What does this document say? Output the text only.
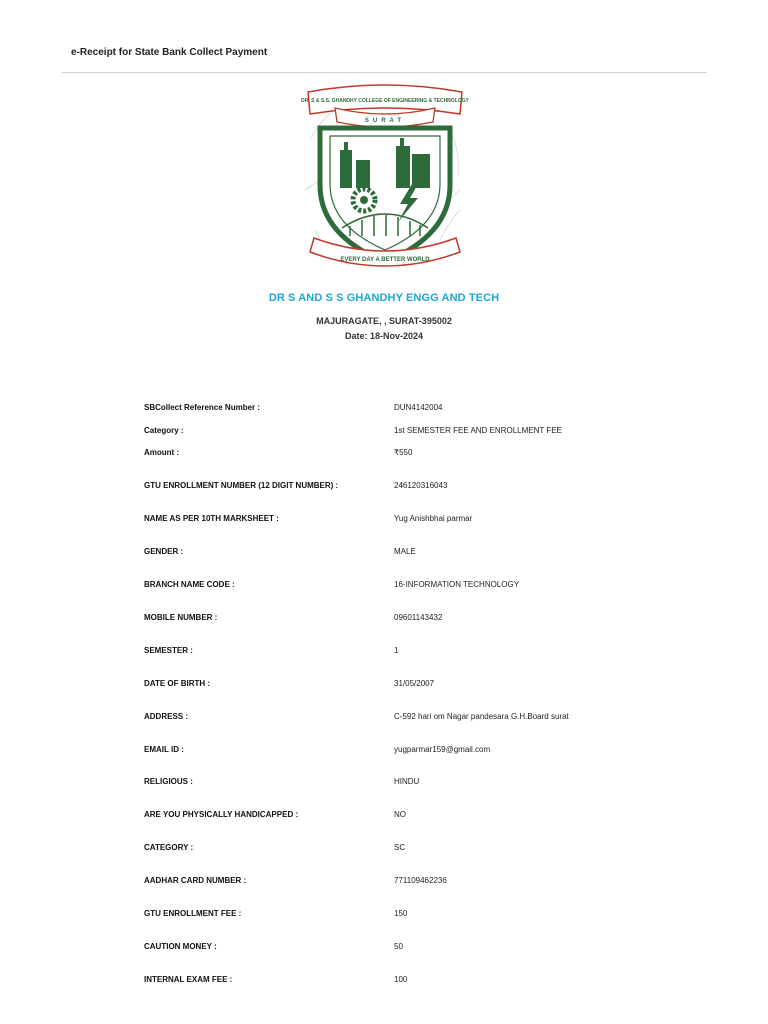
e-Receipt for State Bank Collect Payment
DR. S & S.S. GHANDHY COLLEGE OF ENGINEERING & TECHNOLOGY
SURAT
EVERY DAY A BETTER WORLD
DR S AND S S GHANDHY ENGG AND TECH
MAJURAGATE, , SURAT-395002
Date: 18-Nov-2024
SBCollect Reference Number :	DUN4142004
Category :	1st SEMESTER FEE AND ENROLLMENT FEE
Amount :	₹550
GTU ENROLLMENT NUMBER (12 DIGIT NUMBER) :	246120316043
NAME AS PER 10TH MARKSHEET :	Yug Anishbhai parmar
GENDER :	MALE
BRANCH NAME CODE :	16-INFORMATION TECHNOLOGY
MOBILE NUMBER :	09601143432
SEMESTER :	1
DATE OF BIRTH :	31/05/2007
ADDRESS :	C-592 hari om Nagar pandesara G.H.Board surat
EMAIL ID :	yugparmar159@gmail.com
RELIGIOUS :	HINDU
ARE YOU PHYSICALLY HANDICAPPED :	NO
CATEGORY :	SC
AADHAR CARD NUMBER :	771109462236
GTU ENROLLMENT FEE :	150
CAUTION MONEY :	50
INTERNAL EXAM FEE :	100
